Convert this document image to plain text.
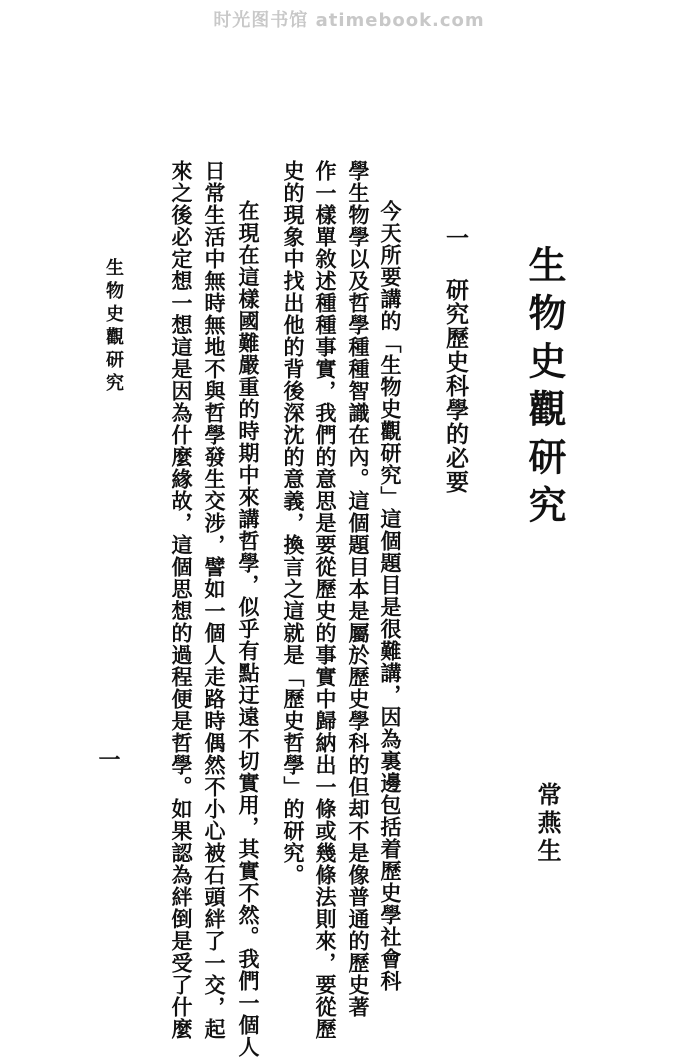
时光图书馆 atimebook.com
生物史觀研究
常燕生
一 研究歷史科學的必要
今天所要講的「生物史觀研究」這個題目是很難講，因為裏邊包括着歷史學社會科
學生物學以及哲學種種智識在內。這個題目本是屬於歷史學科的但却不是像普通的歷史著
作一樣單敘述種種事實，我們的意思是要從歷史的事實中歸納出一條或幾條法則來，要從歷
史的現象中找出他的背後深沈的意義，換言之這就是「歷史哲學」的研究。
在現在這樣國難嚴重的時期中來講哲學，似乎有點迂遠不切實用，其實不然。我們一個人
日常生活中無時無地不與哲學發生交涉，譬如一個人走路時偶然不小心被石頭絆了一交，起
來之後必定想一想這是因為什麼緣故，這個思想的過程便是哲學。如果認為絆倒是受了什麼
生物史觀研究
一
